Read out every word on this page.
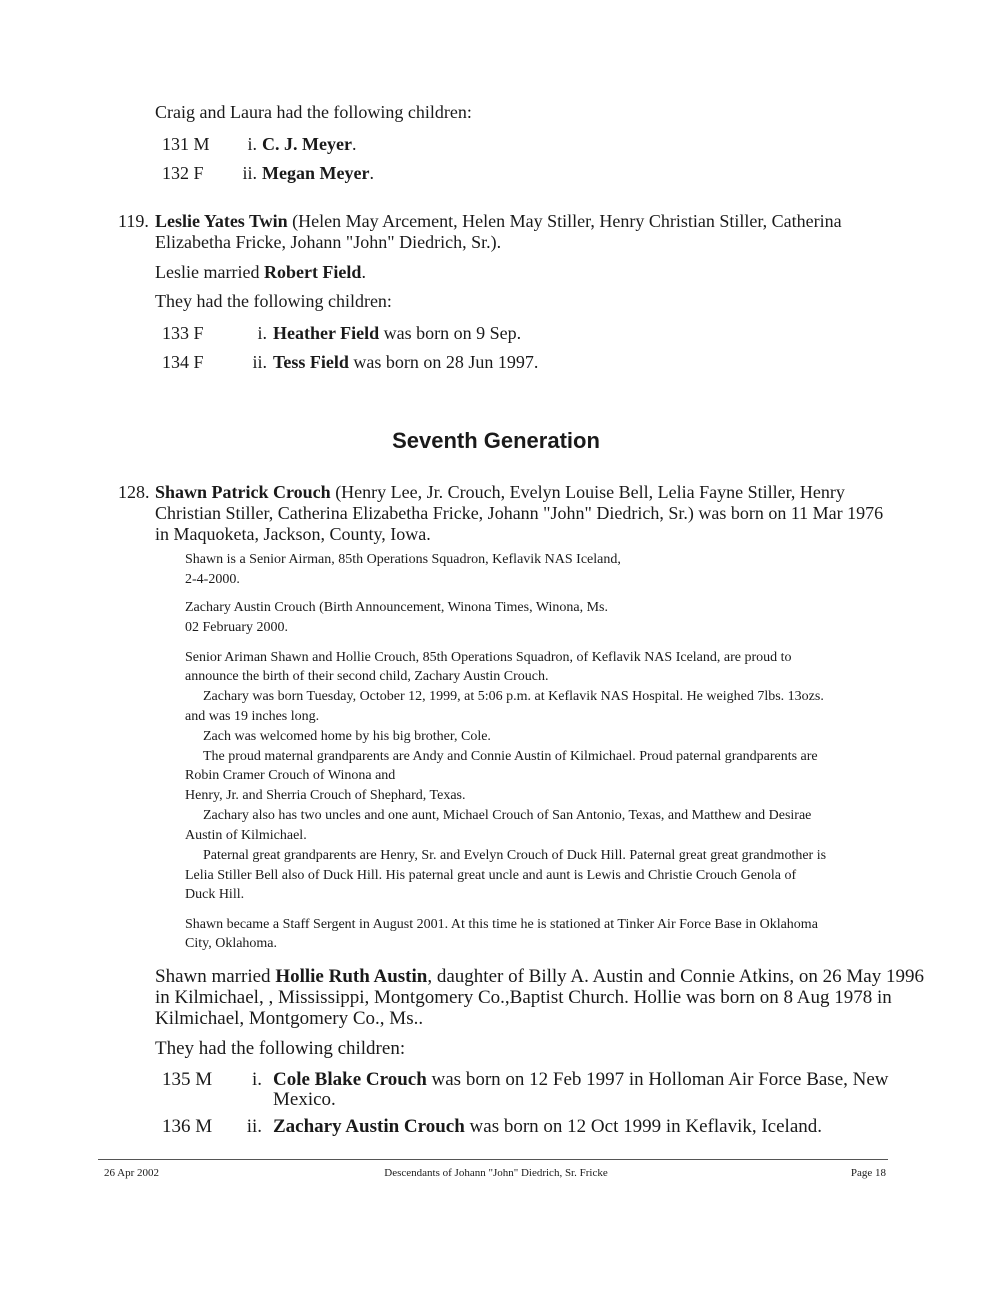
Craig and Laura had the following children:
131 M	i. C. J. Meyer.
132 F	ii. Megan Meyer.
119. Leslie Yates Twin (Helen May Arcement, Helen May Stiller, Henry Christian Stiller, Catherina
Elizabetha Fricke, Johann "John" Diedrich, Sr.).
Leslie married Robert Field.
They had the following children:
133 F	i. Heather Field was born on 9 Sep.
134 F	ii. Tess Field was born on 28 Jun 1997.
Seventh Generation
128. Shawn Patrick Crouch (Henry Lee, Jr. Crouch, Evelyn Louise Bell, Lelia Fayne Stiller, Henry
Christian Stiller, Catherina Elizabetha Fricke, Johann "John" Diedrich, Sr.) was born on 11 Mar 1976
in Maquoketa, Jackson, County, Iowa.
Shawn is a Senior Airman, 85th Operations Squadron, Keflavik NAS Iceland,
2-4-2000.
Zachary Austin Crouch (Birth Announcement, Winona Times, Winona, Ms.
02 February 2000.
Senior Ariman Shawn and Hollie Crouch, 85th Operations Squadron, of Keflavik NAS Iceland, are proud to
announce the birth of their second child, Zachary Austin Crouch.
Zachary was born Tuesday, October 12, 1999, at 5:06 p.m. at Keflavik NAS Hospital. He weighed 7lbs. 13ozs.
and was 19 inches long.
Zach was welcomed home by his big brother, Cole.
The proud maternal grandparents are Andy and Connie Austin of Kilmichael. Proud paternal grandparents are
Robin Cramer Crouch of Winona and
Henry, Jr. and Sherria Crouch of Shephard, Texas.
Zachary also has two uncles and one aunt, Michael Crouch of San Antonio, Texas, and Matthew and Desirae
Austin of Kilmichael.
Paternal great grandparents are Henry, Sr. and Evelyn Crouch of Duck Hill. Paternal great great grandmother is
Lelia Stiller Bell also of Duck Hill. His paternal great uncle and aunt is Lewis and Christie Crouch Genola of
Duck Hill.
Shawn became a Staff Sergent in August 2001. At this time he is stationed at Tinker Air Force Base in Oklahoma
City, Oklahoma.
Shawn married Hollie Ruth Austin, daughter of Billy A. Austin and Connie Atkins, on 26 May 1996
in Kilmichael, , Mississippi, Montgomery Co.,Baptist Church. Hollie was born on 8 Aug 1978 in
Kilmichael, Montgomery Co., Ms..
They had the following children:
135 M	i. Cole Blake Crouch was born on 12 Feb 1997 in Holloman Air Force Base, New
Mexico.
136 M	ii. Zachary Austin Crouch was born on 12 Oct 1999 in Keflavik, Iceland.
26 Apr 2002	Descendants of Johann "John" Diedrich, Sr. Fricke	Page 18
